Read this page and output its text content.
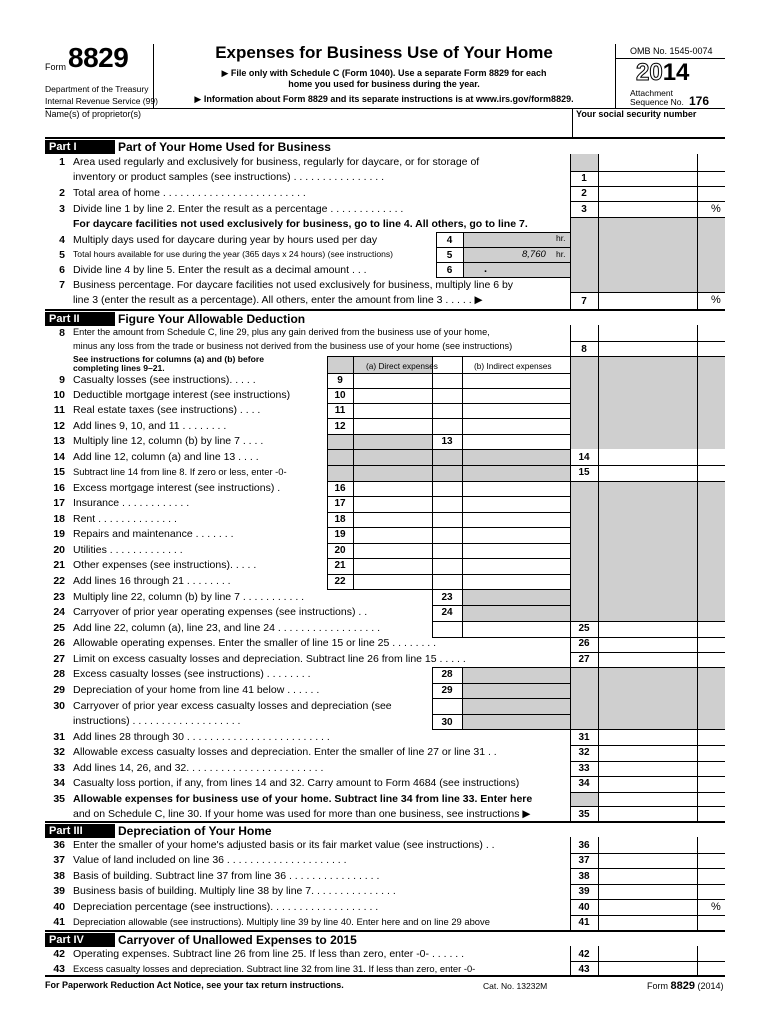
Form 8829
Department of the Treasury
Internal Revenue Service (99)
Expenses for Business Use of Your Home
▶ File only with Schedule C (Form 1040). Use a separate Form 8829 for each
home you used for business during the year.
▶ Information about Form 8829 and its separate instructions is at www.irs.gov/form8829.
OMB No. 1545-0074
2014
Attachment
Sequence No. 176
Name(s) of proprietor(s)	Your social security number
Part I	Part of Your Home Used for Business
1 Area used regularly and exclusively for business, regularly for daycare, or for storage of
inventory or product samples (see instructions) . . . . . . . . . . . . . . . .	1
2 Total area of home . . . . . . . . . . . . . . . . . . . . . . . . .	2
3 Divide line 1 by line 2. Enter the result as a percentage . . . . . . . . . . . . .	3	%
For daycare facilities not used exclusively for business, go to line 4. All others, go to line 7.
4 Multiply days used for daycare during year by hours used per day	4	hr.
5 Total hours available for use during the year (365 days x 24 hours) (see instructions)	5	8,760 hr.
6 Divide line 4 by line 5. Enter the result as a decimal amount . . .	6	.
7 Business percentage. For daycare facilities not used exclusively for business, multiply line 6 by
line 3 (enter the result as a percentage). All others, enter the amount from line 3 . . . . . ▶	7	%
Part II	Figure Your Allowable Deduction
8 Enter the amount from Schedule C, line 29, plus any gain derived from the business use of your home,
minus any loss from the trade or business not derived from the business use of your home (see instructions)	8
See instructions for columns (a) and (b) before
completing lines 9–21.	(a) Direct expenses	(b) Indirect expenses
9 Casualty losses (see instructions). . . . .	9
10 Deductible mortgage interest (see instructions)	10
11 Real estate taxes (see instructions) . . . .	11
12 Add lines 9, 10, and 11 . . . . . . . .	12
13 Multiply line 12, column (b) by line 7 . . . .	13
14 Add line 12, column (a) and line 13 . . . .	14
15 Subtract line 14 from line 8. If zero or less, enter -0-	15
16 Excess mortgage interest (see instructions) .	16
17 Insurance . . . . . . . . . . . .	17
18 Rent . . . . . . . . . . . . . .	18
19 Repairs and maintenance . . . . . . .	19
20 Utilities . . . . . . . . . . . . .	20
21 Other expenses (see instructions). . . . .	21
22 Add lines 16 through 21 . . . . . . . .	22
23 Multiply line 22, column (b) by line 7 . . . . . . . . . . .	23
24 Carryover of prior year operating expenses (see instructions) . .	24
25 Add line 22, column (a), line 23, and line 24 . . . . . . . . . . . . . . . . . .	25
26 Allowable operating expenses. Enter the smaller of line 15 or line 25 . . . . . . . .	26
27 Limit on excess casualty losses and depreciation. Subtract line 26 from line 15 . . . . .	27
28 Excess casualty losses (see instructions) . . . . . . . .	28
29 Depreciation of your home from line 41 below . . . . . .	29
31 Add lines 28 through 30 . . . . . . . . . . . . . . . . . . . . . . . . .	31
32 Allowable excess casualty losses and depreciation. Enter the smaller of line 27 or line 31 . .	32
33 Add lines 14, 26, and 32. . . . . . . . . . . . . . . . . . . . . . . .	33
34 Casualty loss portion, if any, from lines 14 and 32. Carry amount to Form 4684 (see instructions)	34
36 Enter the smaller of your home's adjusted basis or its fair market value (see instructions) . .	36
37 Value of land included on line 36 . . . . . . . . . . . . . . . . . . . . .	37
38 Basis of building. Subtract line 37 from line 36 . . . . . . . . . . . . . . . .	38
39 Business basis of building. Multiply line 38 by line 7. . . . . . . . . . . . . . .	39
40 Depreciation percentage (see instructions). . . . . . . . . . . . . . . . . . .	40	%
41 Depreciation allowable (see instructions). Multiply line 39 by line 40. Enter here and on line 29 above	41
42 Operating expenses. Subtract line 26 from line 25. If less than zero, enter -0- . . . . . .	42
43 Excess casualty losses and depreciation. Subtract line 32 from line 31. If less than zero, enter -0-	43
30 Carryover of prior year excess casualty losses and depreciation (see
instructions) . . . . . . . . . . . . . . . . . . .	30
35 Allowable expenses for business use of your home. Subtract line 34 from line 33. Enter here
and on Schedule C, line 30. If your home was used for more than one business, see instructions ▶	35
Part III	Depreciation of Your Home
Part IV	Carryover of Unallowed Expenses to 2015
For Paperwork Reduction Act Notice, see your tax return instructions.	Cat. No. 13232M	Form 8829 (2014)
